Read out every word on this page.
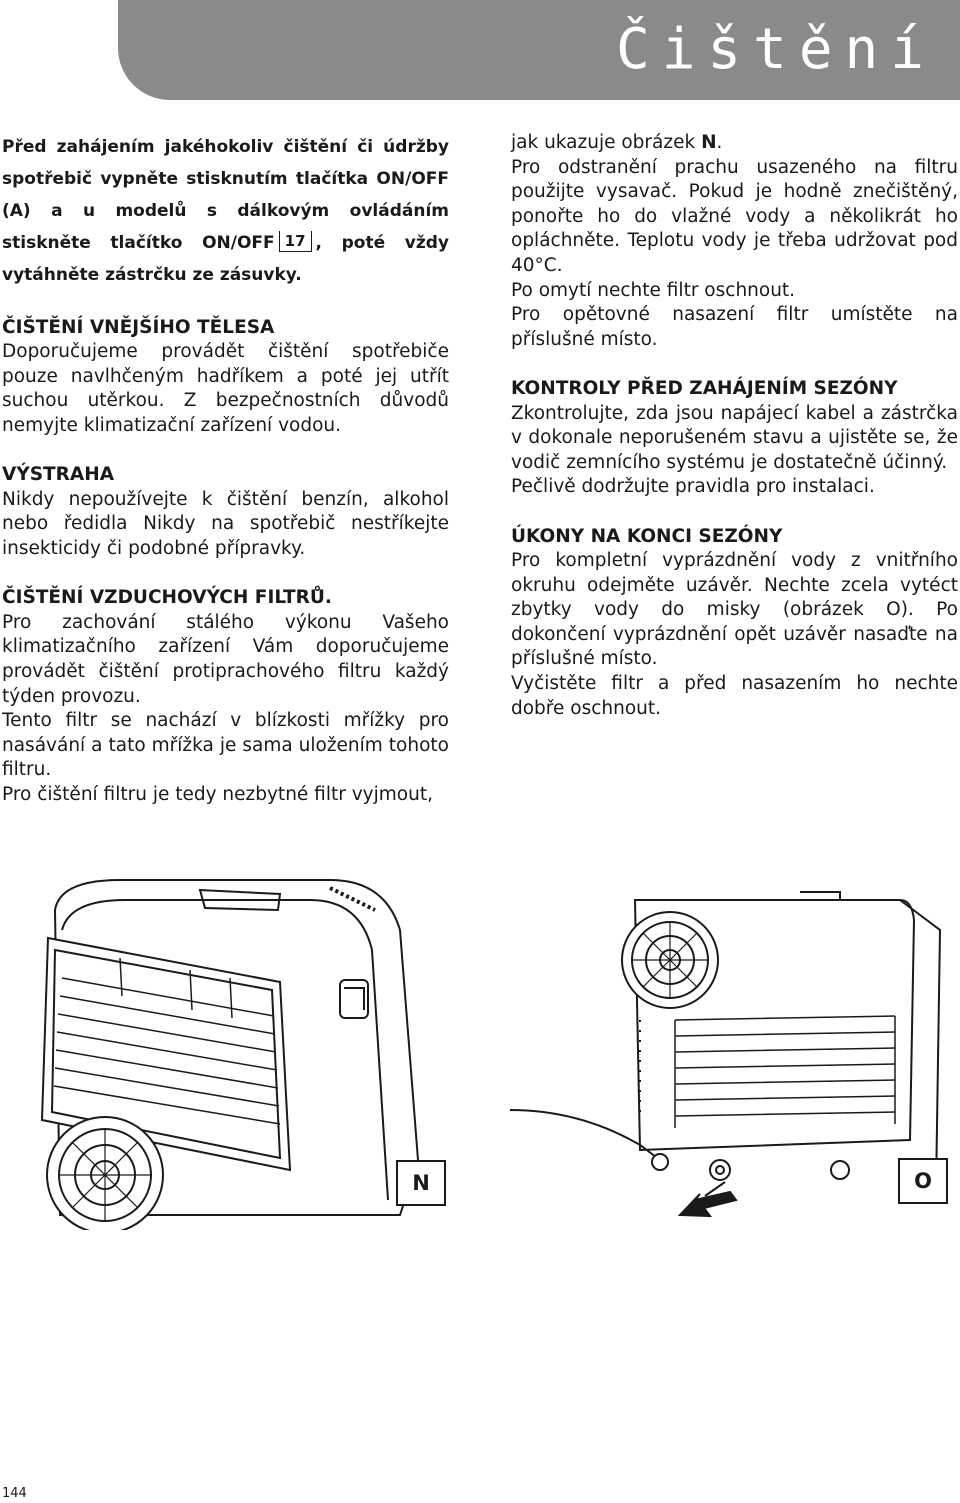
Čištění

Před zahájením jakéhokoliv čištění či údržby spotřebič vypněte stisknutím tlačítka ON/OFF (A) a u modelů s dálkovým ovládáním stiskněte tlačítko ON/OFF 17 , poté vždy vytáhněte zástrčku ze zásuvky.

ČIŠTĚNÍ VNĚJŠÍHO TĚLESA

Doporučujeme provádět čištění spotřebiče pouze navlhčeným hadříkem a poté jej utřít suchou utěrkou. Z bezpečnostních důvodů nemyjte klimatizační zařízení vodou.

VÝSTRAHA

Nikdy nepoužívejte k čištění benzín, alkohol nebo ředidla Nikdy na spotřebič nestříkejte insekticidy či podobné přípravky.

ČIŠTĚNÍ VZDUCHOVÝCH FILTRŮ.

Pro zachování stálého výkonu Vašeho klimatizačního zařízení Vám doporučujeme provádět čištění protiprachového filtru každý týden provozu.

Tento filtr se nachází v blízkosti mřížky pro nasávání a tato mřížka je sama uložením tohoto filtru.

Pro čištění filtru je tedy nezbytné filtr vyjmout,

jak ukazuje obrázek N.

Pro odstranění prachu usazeného na filtru použijte vysavač. Pokud je hodně znečištěný, ponořte ho do vlažné vody a několikrát ho opláchněte. Teplotu vody je třeba udržovat pod 40°C.

Po omytí nechte filtr oschnout.

Pro opětovné nasazení filtr umístěte na příslušné místo.

KONTROLY PŘED ZAHÁJENÍM SEZÓNY

Zkontrolujte, zda jsou napájecí kabel a zástrčka v dokonale neporušeném stavu a ujistěte se, že vodič zemnícího systému je dostatečně účinný.

Pečlivě dodržujte pravidla pro instalaci.

ÚKONY NA KONCI SEZÓNY

Pro kompletní vyprázdnění vody z vnitřního okruhu odejměte uzávěr. Nechte zcela vytéct zbytky vody do misky (obrázek O). Po dokončení vyprázdnění opět uzávěr nasaďte na příslušné místo.

Vyčistěte filtr a před nasazením ho nechte dobře oschnout.

N	O
144
